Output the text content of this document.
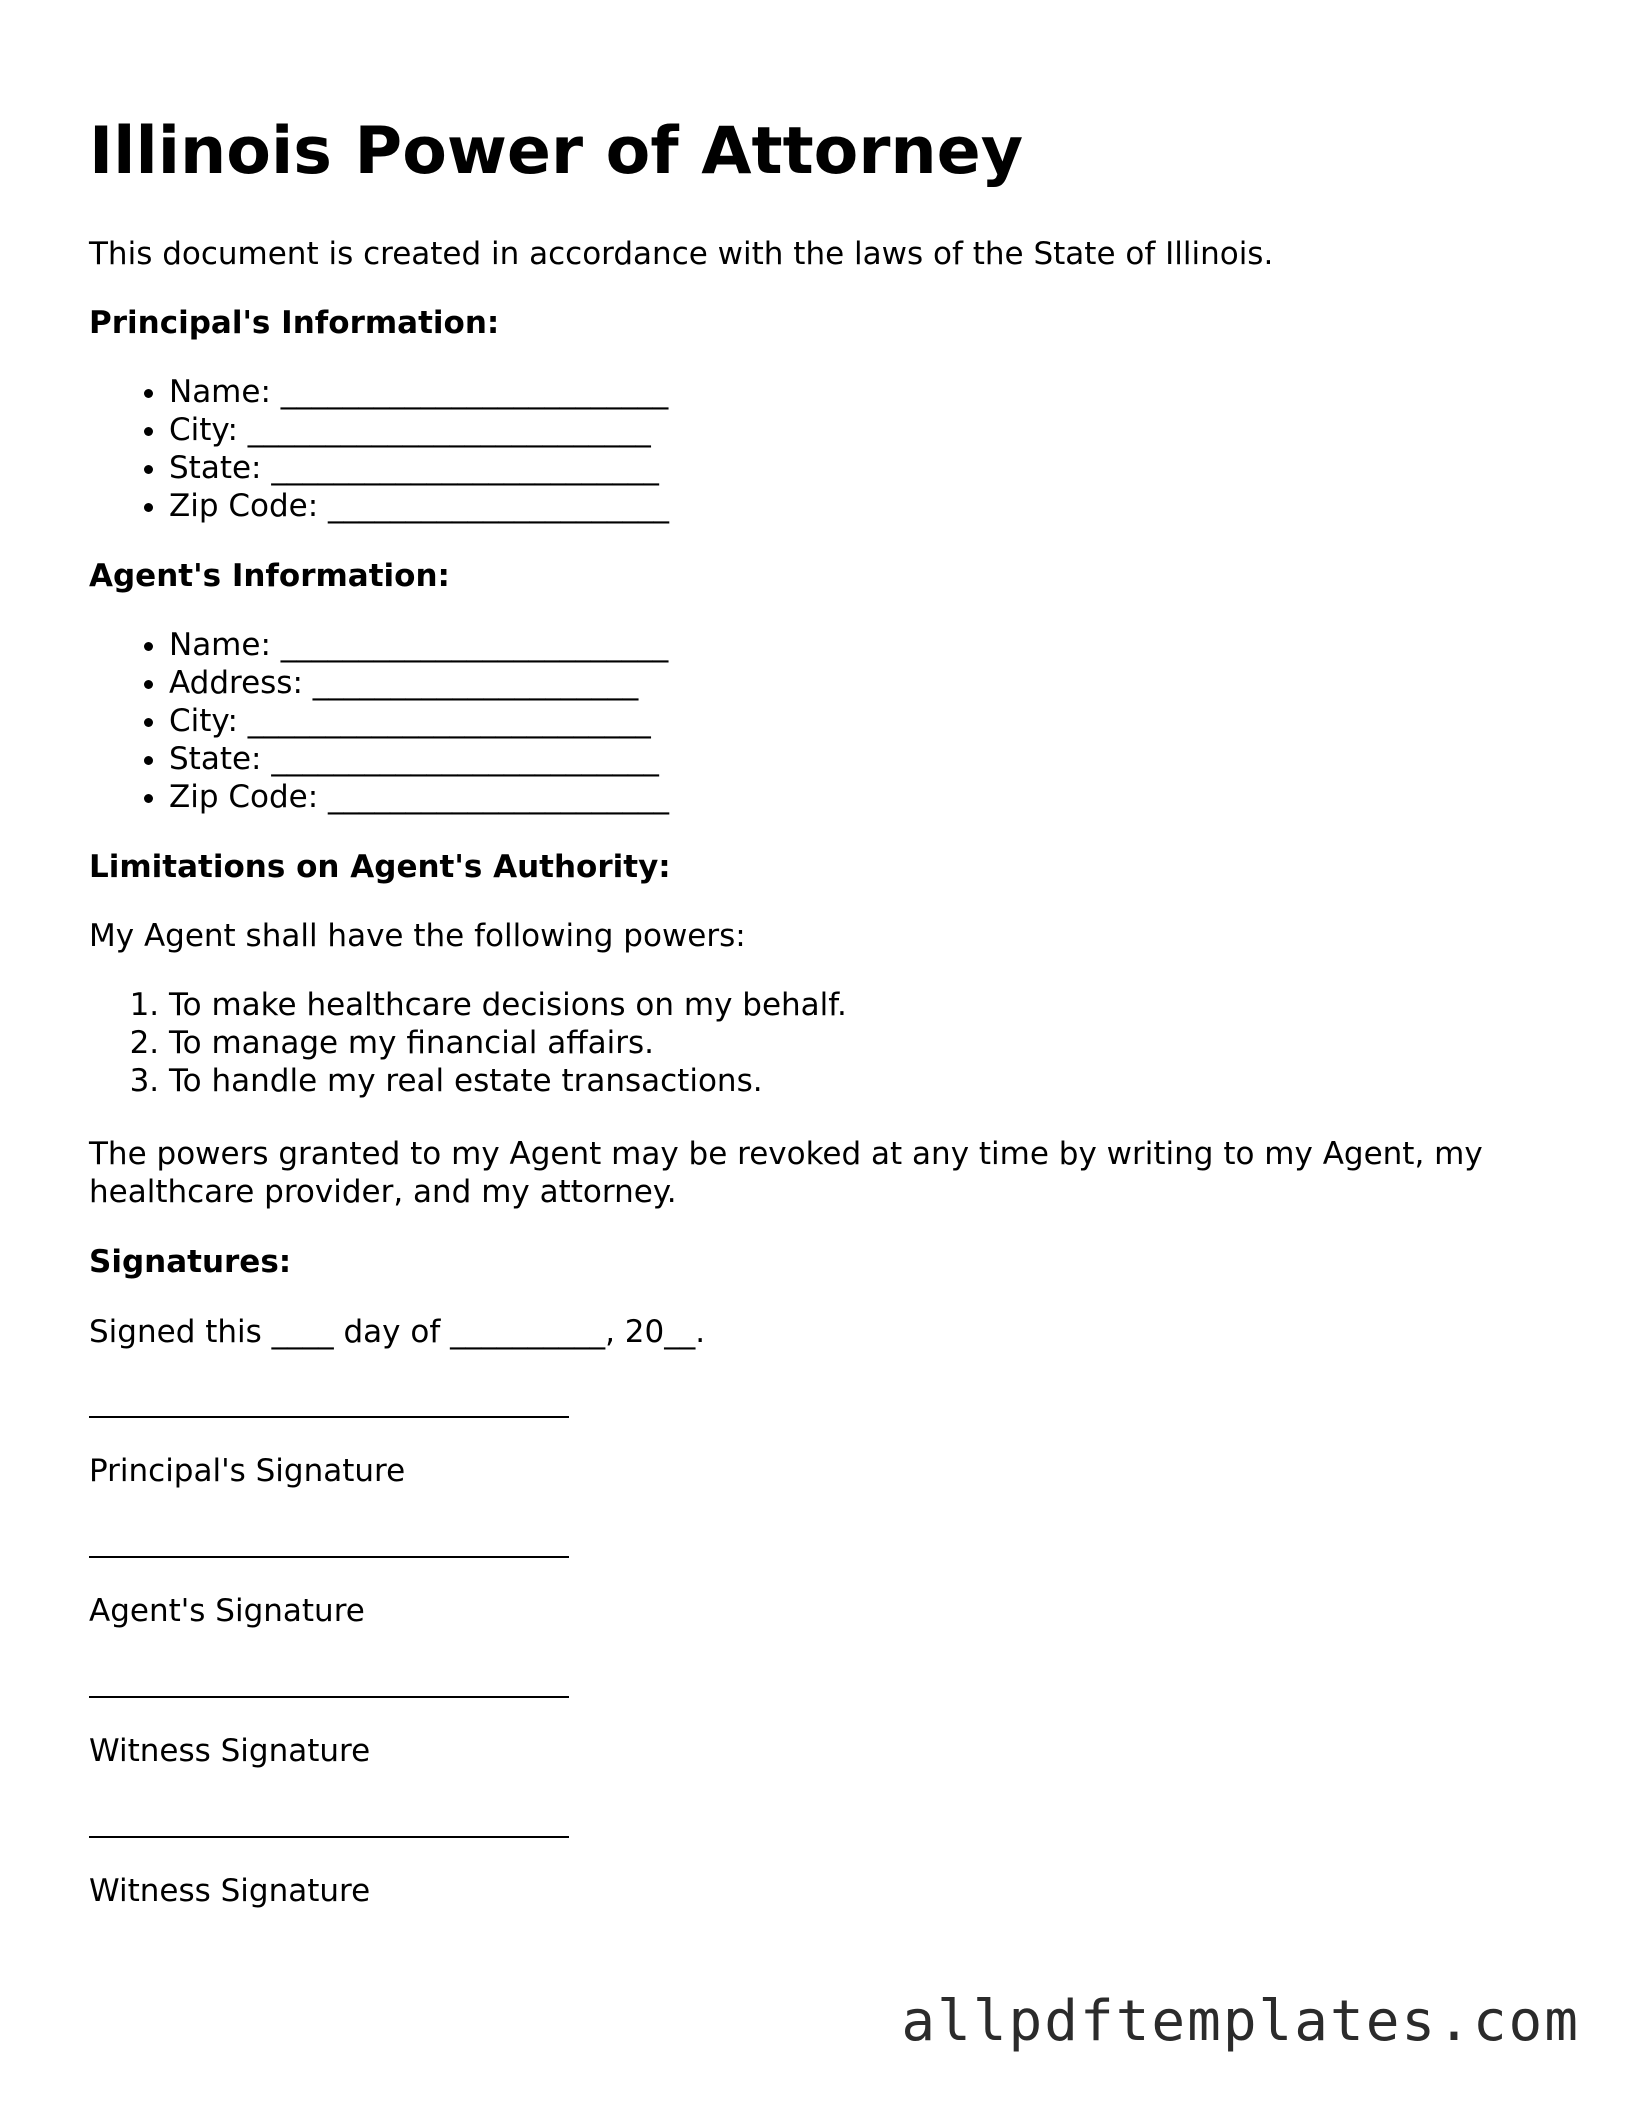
Illinois Power of Attorney

This document is created in accordance with the laws of the State of Illinois.

Principal's Information:

• Name: _________________________
• City: __________________________
• State: _________________________
• Zip Code: ______________________

Agent's Information:

• Name: _________________________
• Address: _____________________
• City: __________________________
• State: _________________________
• Zip Code: ______________________

Limitations on Agent's Authority:

My Agent shall have the following powers:

1. To make healthcare decisions on my behalf.
2. To manage my financial affairs.
3. To handle my real estate transactions.

The powers granted to my Agent may be revoked at any time by writing to my Agent, my healthcare provider, and my attorney.

Signatures:

Signed this ____ day of __________, 20__.

Principal's Signature

Agent's Signature

Witness Signature

Witness Signature

allpdftemplates.com
